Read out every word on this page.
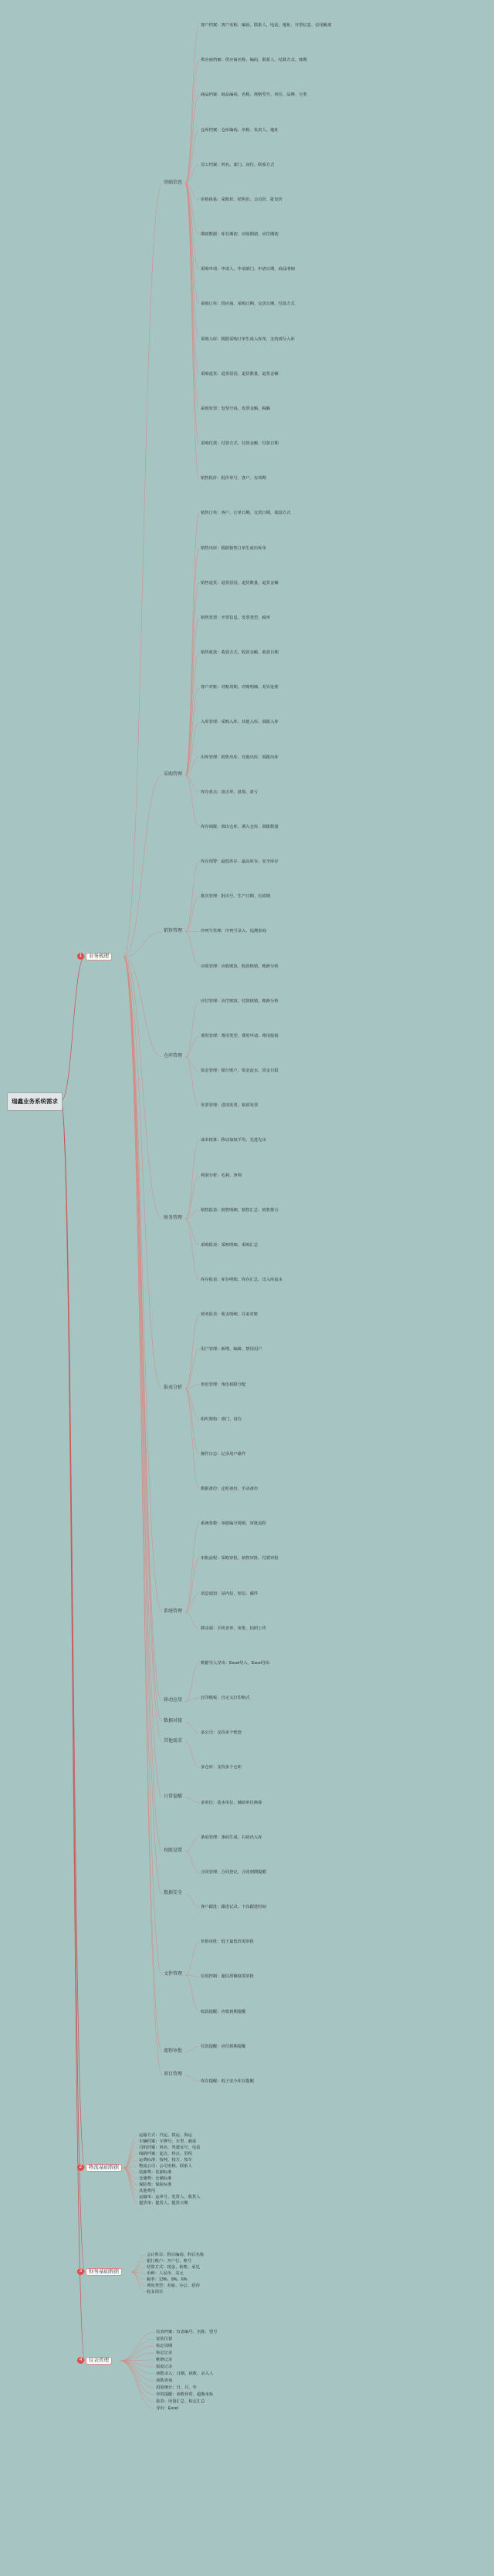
瑞鑫业务系统需求
1	业务梳理
2	物流基础数据
3	财务基础数据
4	仪表管理
基础信息
采购管理
销售管理
仓库管理
财务管理
报表分析
系统管理
移动应用
数据对接
其他需求
日常提醒
权限设置
数据安全
文件管理
流程审批
项目管理
客户档案：客户名称、编码、联系人、电话、地址、开票信息、信用额度
供应商档案：供应商名称、编码、联系人、结算方式、账期
商品档案：商品编码、名称、规格型号、单位、品牌、分类
仓库档案：仓库编码、名称、负责人、地址
员工档案：姓名、部门、岗位、联系方式
价格体系：采购价、销售价、会员价、批发价
期初数据：库存期初、应收期初、应付期初
采购申请：申请人、申请部门、申请日期、商品明细
采购订单：供应商、采购日期、交货日期、付款方式
采购入库：根据采购订单生成入库单，支持部分入库
采购退货：退货原因、退货数量、退货金额
采购发票：发票号码、发票金额、税额
采购付款：付款方式、付款金额、付款日期
销售报价：报价单号、客户、有效期
销售订单：客户、订单日期、交货日期、收款方式
销售出库：根据销售订单生成出库单
销售退货：退货原因、退货数量、退货金额
销售发票：开票信息、发票类型、税率
销售收款：收款方式、收款金额、收款日期
客户对账：对账周期、对账明细、差异处理
入库管理：采购入库、其他入库、调拨入库
出库管理：销售出库、其他出库、调拨出库
库存盘点：盘点单、盘盈、盘亏
库存调拨：调出仓库、调入仓库、调拨数量
库存预警：最低库存、最高库存、安全库存
批次管理：批次号、生产日期、有效期
序列号管理：序列号录入、追溯查询
应收管理：应收账款、收款核销、账龄分析
应付管理：应付账款、付款核销、账龄分析
费用管理：费用类型、费用申请、费用报销
资金管理：银行账户、资金流水、资金日报
发票管理：进项发票、销项发票
成本核算：移动加权平均、先进先出
利润分析：毛利、净利
销售报表：销售明细、销售汇总、销售排行
采购报表：采购明细、采购汇总
库存报表：库存明细、库存汇总、出入库流水
财务报表：收支明细、往来对账
用户管理：新增、编辑、禁用用户
角色管理：角色权限分配
组织架构：部门、岗位
操作日志：记录用户操作
数据备份：定时备份、手动备份
系统参数：单据编号规则、审批流程
审批流程：采购审批、销售审批、付款审批
消息通知：站内信、短信、邮件
移动端：手机查单、审批、拍照上传
数据导入导出：Excel导入、Excel导出
打印模板：自定义打印格式
多公司：支持多个账套
多仓库：支持多个仓库
多单位：基本单位、辅助单位换算
条码管理：条码生成、扫码出入库
合同管理：合同登记、合同到期提醒
客户跟进：跟进记录、下次跟进时间
价格审批：低于最低价需审批
信用控制：超信用额度需审批
收款提醒：应收到期提醒
付款提醒：应付到期提醒
库存提醒：低于安全库存提醒
运输方式：汽运、铁运、海运
车辆档案：车牌号、车型、载重
司机档案：姓名、驾驶证号、电话
线路档案：起点、终点、里程
运费标准：按吨、按方、按车
物流公司：公司名称、联系人
装卸费：装卸标准
仓储费：仓储标准
保险费：保险标准
其他费用
运输单：运单号、发货人、收货人
提货单：提货人、提货日期
会计科目：科目编码、科目名称
银行账户：开户行、账号
结算方式：现金、转账、承兑
币种：人民币、美元
税率：13%、9%、6%
费用类型：差旅、办公、招待
收支项目
仪表档案：仪表编号、名称、型号
安装位置
检定周期
检定记录
维修记录
报废记录
读数录入：日期、读数、录入人
读数查询
用量统计：日、月、年
异常提醒：读数异常、超期未检
报表：用量汇总、检定汇总
导出：Excel
